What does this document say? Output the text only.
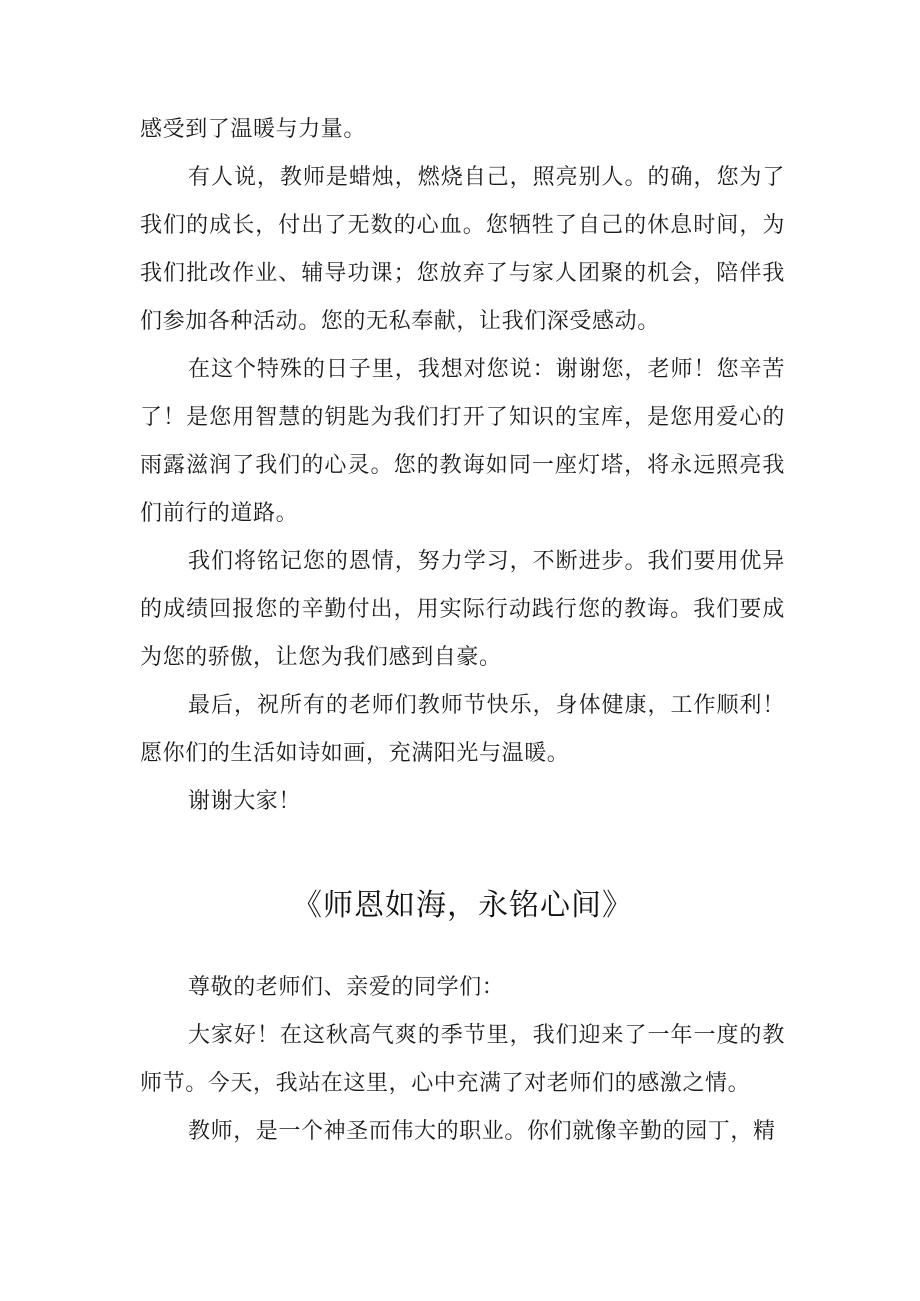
感受到了温暖与力量。

有人说，教师是蜡烛，燃烧自己，照亮别人。的确，您为了我们的成长，付出了无数的心血。您牺牲了自己的休息时间，为我们批改作业、辅导功课；您放弃了与家人团聚的机会，陪伴我们参加各种活动。您的无私奉献，让我们深受感动。

在这个特殊的日子里，我想对您说：谢谢您，老师！您辛苦了！是您用智慧的钥匙为我们打开了知识的宝库，是您用爱心的雨露滋润了我们的心灵。您的教诲如同一座灯塔，将永远照亮我们前行的道路。

我们将铭记您的恩情，努力学习，不断进步。我们要用优异的成绩回报您的辛勤付出，用实际行动践行您的教诲。我们要成为您的骄傲，让您为我们感到自豪。

最后，祝所有的老师们教师节快乐，身体健康，工作顺利！愿你们的生活如诗如画，充满阳光与温暖。

谢谢大家！

《师恩如海，永铭心间》

尊敬的老师们、亲爱的同学们：

大家好！在这秋高气爽的季节里，我们迎来了一年一度的教师节。今天，我站在这里，心中充满了对老师们的感激之情。

教师，是一个神圣而伟大的职业。你们就像辛勤的园丁，精
